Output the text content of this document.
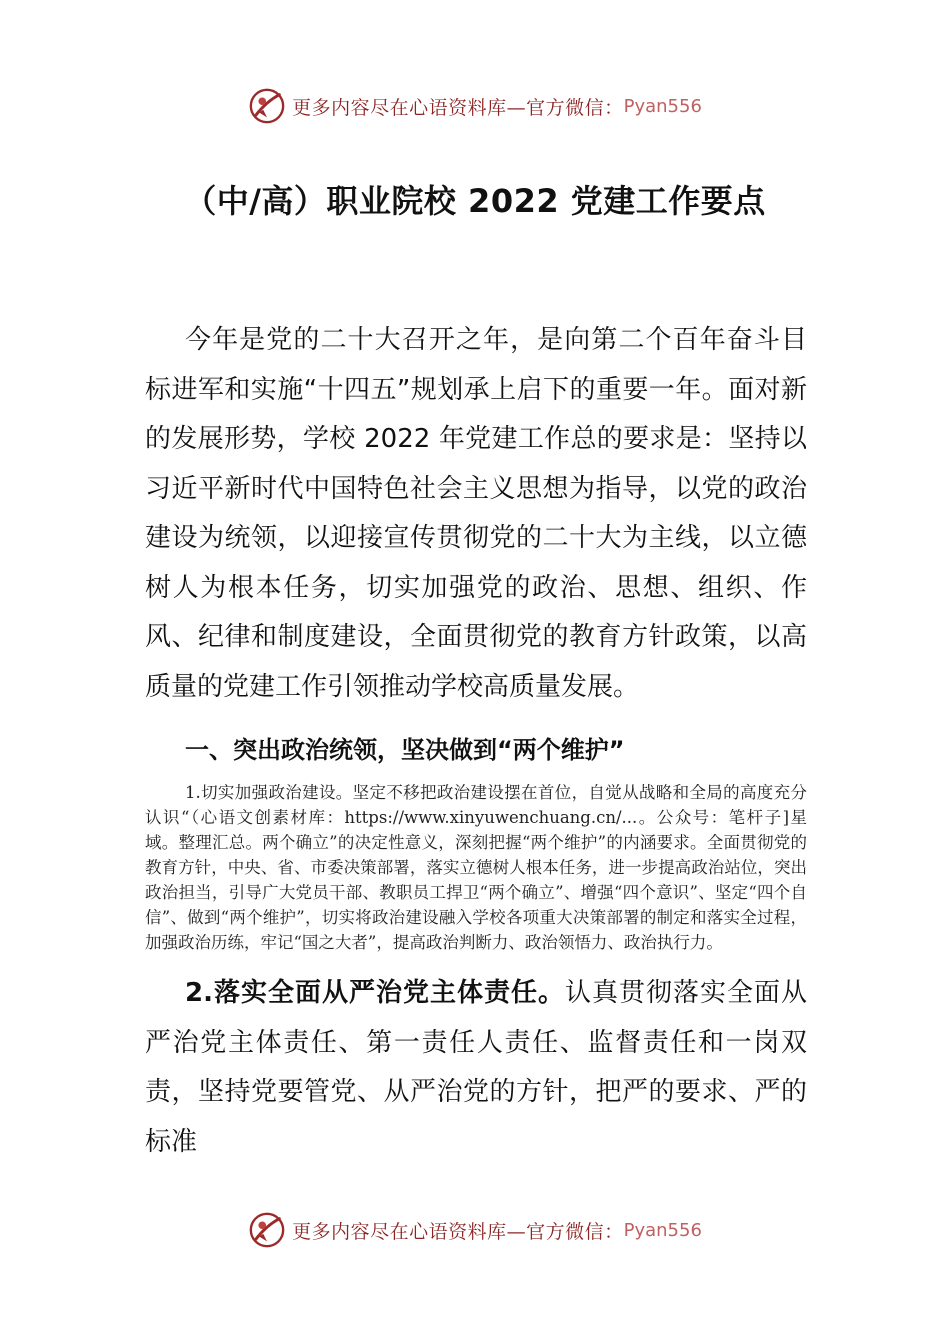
更多内容尽在心语资料库—官方微信： Pyan556
（中/高）职业院校 2022 党建工作要点

今年是党的二十大召开之年，是向第二个百年奋斗目标进军和实施“十四五”规划承上启下的重要一年。面对新的发展形势，学校 2022 年党建工作总的要求是：坚持以习近平新时代中国特色社会主义思想为指导，以党的政治建设为统领，以迎接宣传贯彻党的二十大为主线，以立德树人为根本任务，切实加强党的政治、思想、组织、作风、纪律和制度建设，全面贯彻党的教育方针政策，以高质量的党建工作引领推动学校高质量发展。

一、突出政治统领，坚决做到“两个维护”

1.切实加强政治建设。坚定不移把政治建设摆在首位，自觉从战略和全局的高度充分认识“（心语文创素材库：https://www.xinyuwenchuang.cn/...。公众号：笔杆子]星域。整理汇总。两个确立”的决定性意义，深刻把握“两个维护”的内涵要求。全面贯彻党的教育方针，中央、省、市委决策部署，落实立德树人根本任务，进一步提高政治站位，突出政治担当，引导广大党员干部、教职员工捍卫“两个确立”、增强“四个意识”、坚定“四个自信”、做到“两个维护”，切实将政治建设融入学校各项重大决策部署的制定和落实全过程，加强政治历练，牢记“国之大者”，提高政治判断力、政治领悟力、政治执行力。

2.落实全面从严治党主体责任。认真贯彻落实全面从严治党主体责任、第一责任人责任、监督责任和一岗双责，坚持党要管党、从严治党的方针，把严的要求、严的标准

更多内容尽在心语资料库—官方微信： Pyan556
